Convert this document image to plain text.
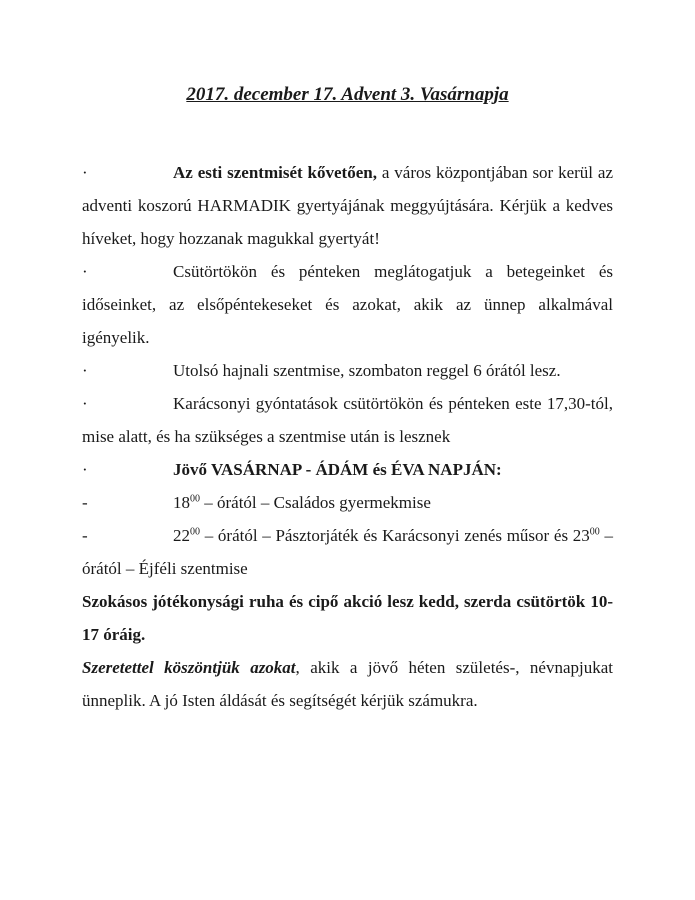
2017. december 17. Advent 3. Vasárnapja

·	Az esti szentmisét kővetően, a város központjában sor kerül az adventi koszorú HARMADIK gyertyájának meggyújtására. Kérjük a kedves híveket, hogy hozzanak magukkal gyertyát!

·	Csütörtökön és pénteken meglátogatjuk a betegeinket és időseinket, az elsőpéntekeseket és azokat, akik az ünnep alkalmával igényelik.

·	Utolsó hajnali szentmise, szombaton reggel 6 órától lesz.

·	Karácsonyi gyóntatások csütörtökön és pénteken este 17,30-tól, mise alatt, és ha szükséges a szentmise után is lesznek

·	Jövő VASÁRNAP - ÁDÁM és ÉVA NAPJÁN:

-	$18^{00}$ – órától – Családos gyermekmise

-	$22^{00}$ – órától – Pásztorjáték és Karácsonyi zenés műsor és $23^{00}$ – órától – Éjféli szentmise

Szokásos jótékonysági ruha és cipő akció lesz kedd, szerda csütörtök 10-17 óráig.

Szeretettel köszöntjük azokat, akik a jövő héten születés-, névnapjukat ünneplik. A jó Isten áldását és segítségét kérjük számukra.
